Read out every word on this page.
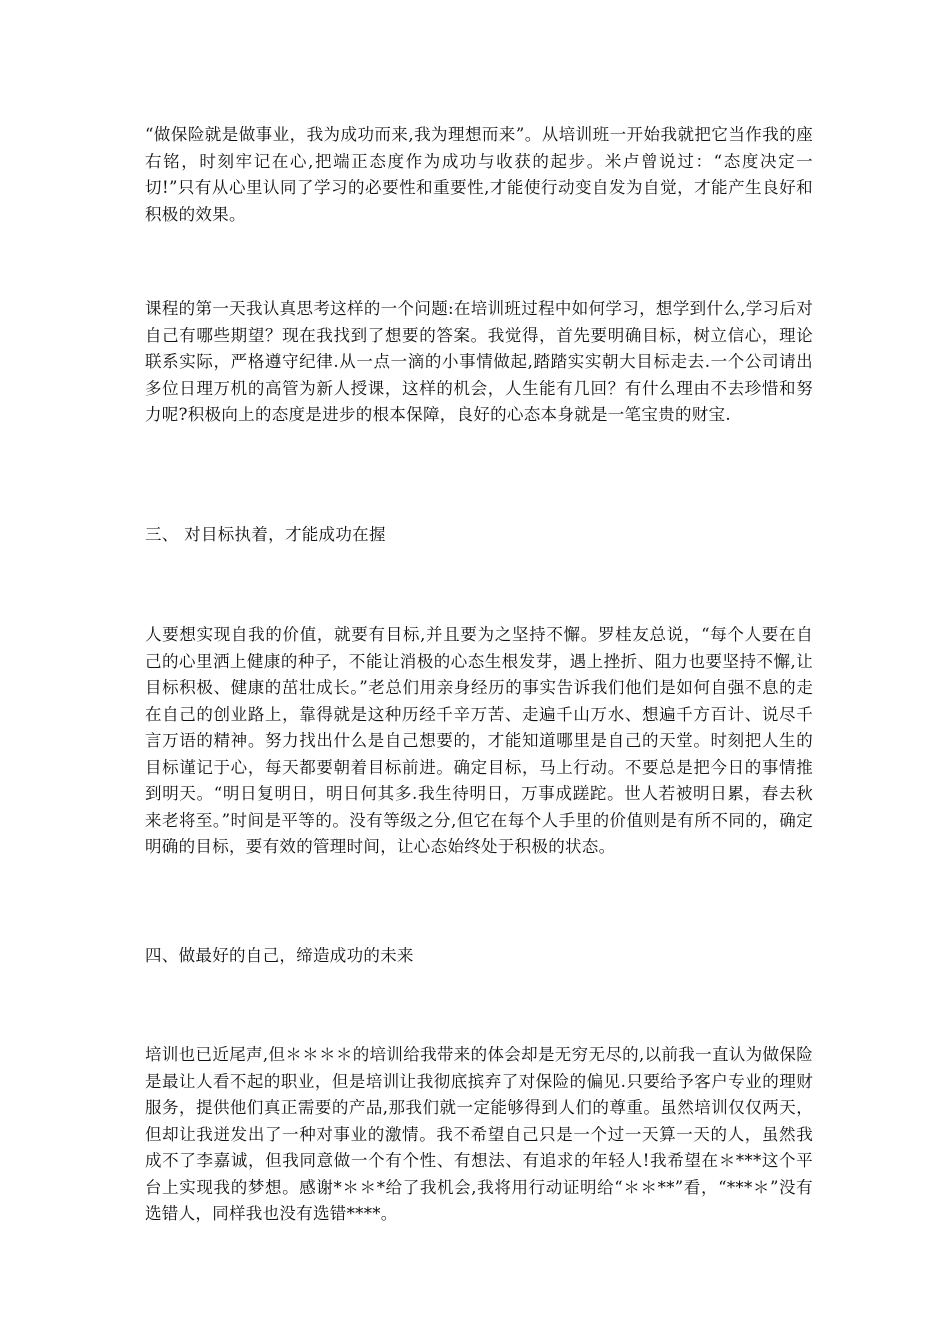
“做保险就是做事业，我为成功而来,我为理想而来”。从培训班一开始我就把它当作我的座右铭，时刻牢记在心,把端正态度作为成功与收获的起步。米卢曾说过：“态度决定一切!”只有从心里认同了学习的必要性和重要性,才能使行动变自发为自觉，才能产生良好和积极的效果。

课程的第一天我认真思考这样的一个问题:在培训班过程中如何学习，想学到什么,学习后对自己有哪些期望？现在我找到了想要的答案。我觉得，首先要明确目标，树立信心，理论联系实际，严格遵守纪律.从一点一滴的小事情做起,踏踏实实朝大目标走去.一个公司请出多位日理万机的高管为新人授课，这样的机会，人生能有几回？有什么理由不去珍惜和努力呢?积极向上的态度是进步的根本保障，良好的心态本身就是一笔宝贵的财宝.

三、 对目标执着，才能成功在握

人要想实现自我的价值，就要有目标,并且要为之坚持不懈。罗桂友总说，“每个人要在自己的心里洒上健康的种子，不能让消极的心态生根发芽，遇上挫折、阻力也要坚持不懈,让目标积极、健康的茁壮成长。”老总们用亲身经历的事实告诉我们他们是如何自强不息的走在自己的创业路上，靠得就是这种历经千辛万苦、走遍千山万水、想遍千方百计、说尽千言万语的精神。努力找出什么是自己想要的，才能知道哪里是自己的天堂。时刻把人生的目标谨记于心，每天都要朝着目标前进。确定目标，马上行动。不要总是把今日的事情推到明天。“明日复明日，明日何其多.我生待明日，万事成蹉跎。世人若被明日累，春去秋来老将至。”时间是平等的。没有等级之分,但它在每个人手里的价值则是有所不同的，确定明确的目标，要有效的管理时间，让心态始终处于积极的状态。

四、做最好的自己，缔造成功的未来

培训也已近尾声,但＊＊＊＊的培训给我带来的体会却是无穷无尽的,以前我一直认为做保险是最让人看不起的职业，但是培训让我彻底摈弃了对保险的偏见.只要给予客户专业的理财服务，提供他们真正需要的产品,那我们就一定能够得到人们的尊重。虽然培训仅仅两天，但却让我迸发出了一种对事业的激情。我不希望自己只是一个过一天算一天的人，虽然我成不了李嘉诚，但我同意做一个有个性、有想法、有追求的年轻人!我希望在＊***这个平台上实现我的梦想。感谢*＊＊*给了我机会,我将用行动证明给“＊＊**”看，“***＊”没有选错人，同样我也没有选错****。
